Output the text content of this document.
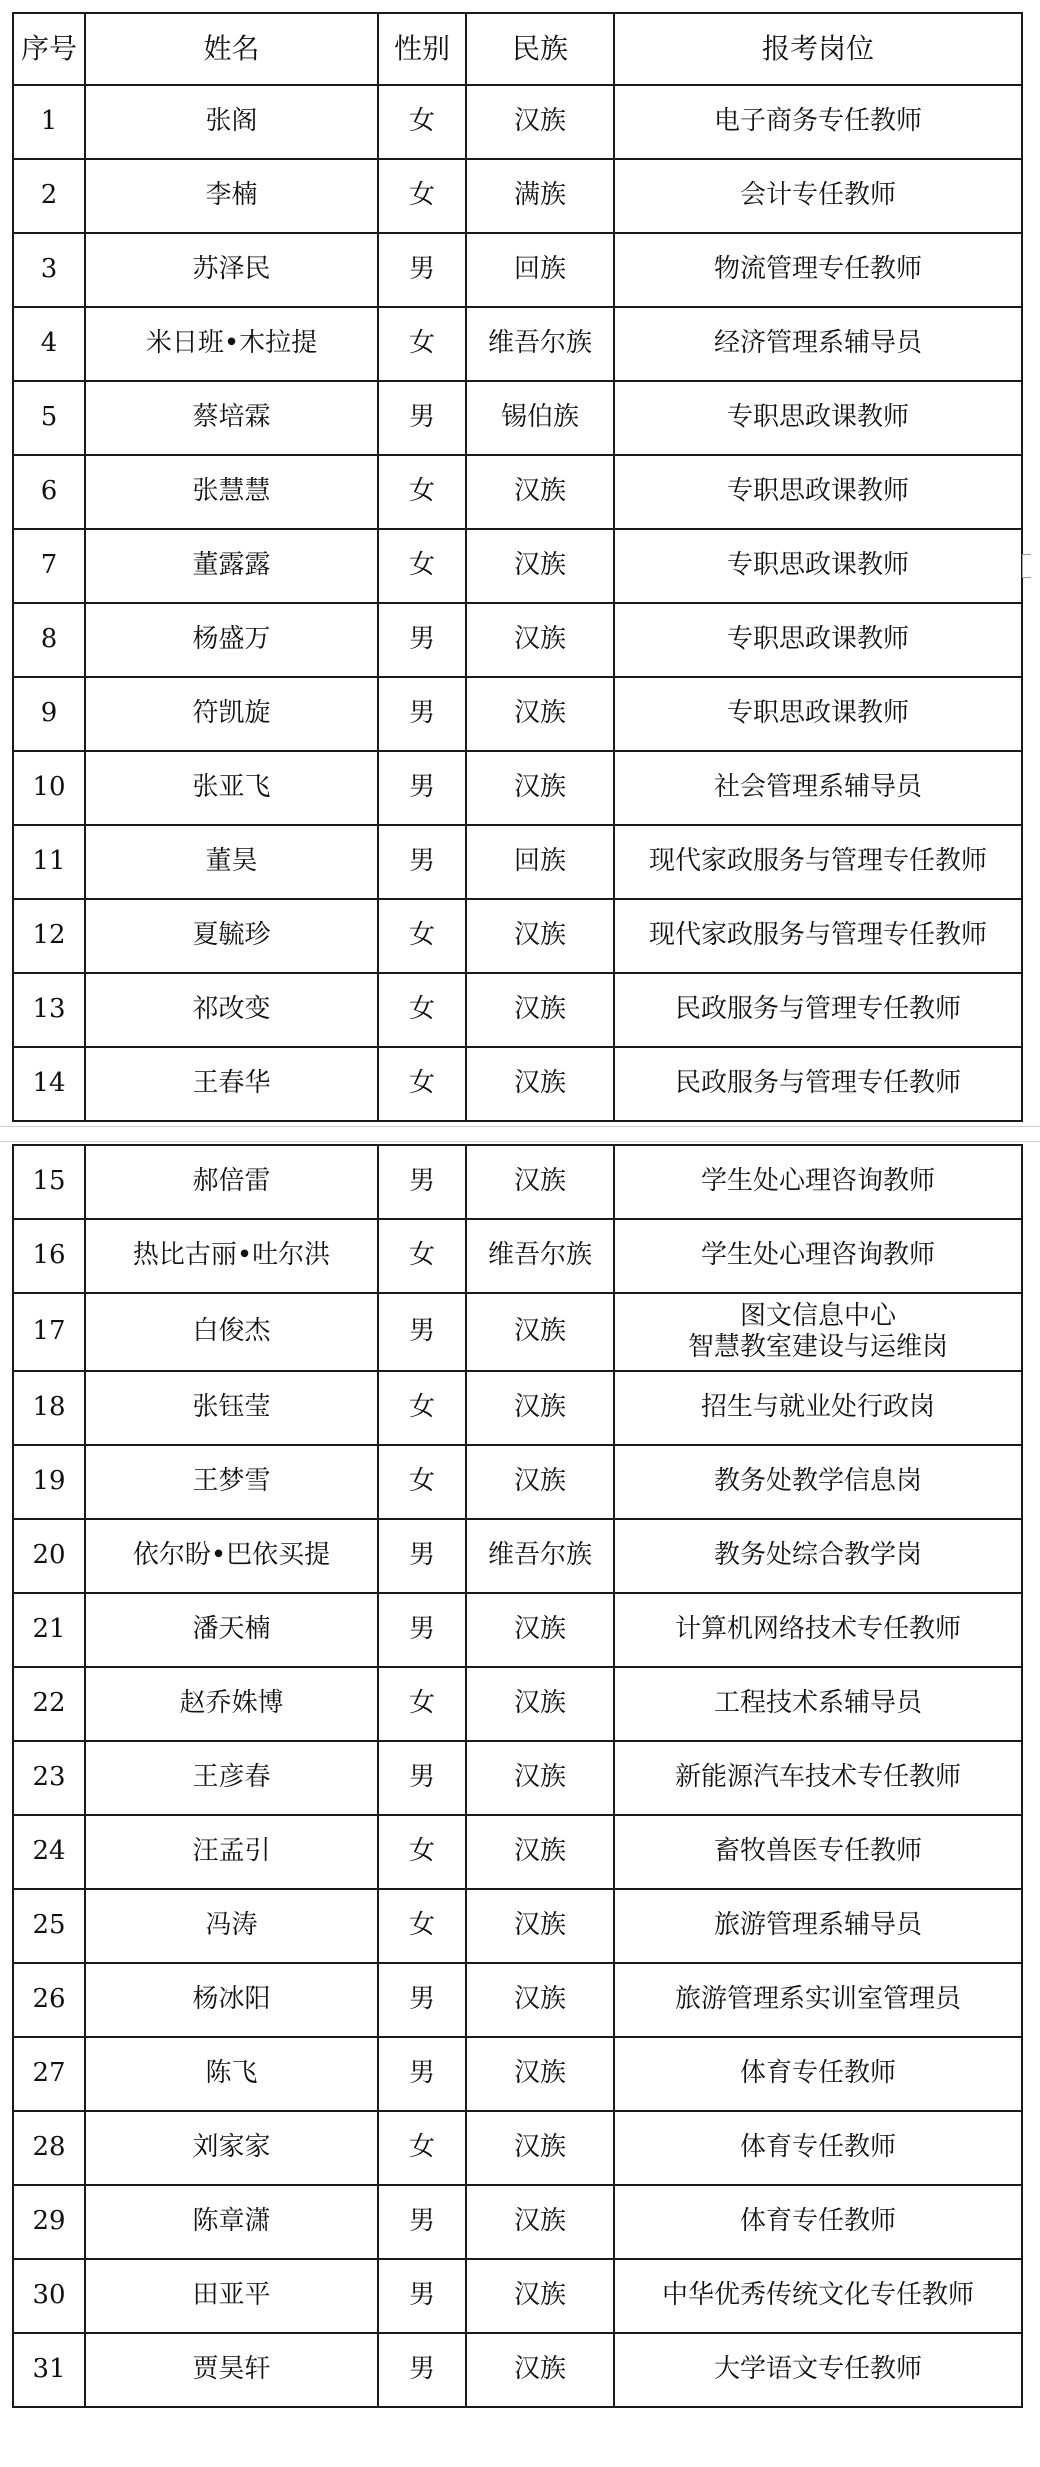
序号	姓名	性别	民族	报考岗位
1	张阁	女	汉族	电子商务专任教师
2	李楠	女	满族	会计专任教师
3	苏泽民	男	回族	物流管理专任教师
4	米日班•木拉提	女	维吾尔族	经济管理系辅导员
5	蔡培霖	男	锡伯族	专职思政课教师
6	张慧慧	女	汉族	专职思政课教师
7	董露露	女	汉族	专职思政课教师
8	杨盛万	男	汉族	专职思政课教师
9	符凯旋	男	汉族	专职思政课教师
10	张亚飞	男	汉族	社会管理系辅导员
11	董昊	男	回族	现代家政服务与管理专任教师
12	夏毓珍	女	汉族	现代家政服务与管理专任教师
13	祁改变	女	汉族	民政服务与管理专任教师
14	王春华	女	汉族	民政服务与管理专任教师
15	郝倍雷	男	汉族	学生处心理咨询教师
16	热比古丽•吐尔洪	女	维吾尔族	学生处心理咨询教师
17	白俊杰	男	汉族	图文信息中心
智慧教室建设与运维岗

18	张钰莹	女	汉族	招生与就业处行政岗
19	王梦雪	女	汉族	教务处教学信息岗
20	依尔盼•巴依买提	男	维吾尔族	教务处综合教学岗
21	潘天楠	男	汉族	计算机网络技术专任教师
22	赵乔姝博	女	汉族	工程技术系辅导员
23	王彦春	男	汉族	新能源汽车技术专任教师
24	汪孟引	女	汉族	畜牧兽医专任教师
25	冯涛	女	汉族	旅游管理系辅导员
26	杨冰阳	男	汉族	旅游管理系实训室管理员
27	陈飞	男	汉族	体育专任教师
28	刘家家	女	汉族	体育专任教师
29	陈章潇	男	汉族	体育专任教师
30	田亚平	男	汉族	中华优秀传统文化专任教师
31	贾昊轩	男	汉族	大学语文专任教师
